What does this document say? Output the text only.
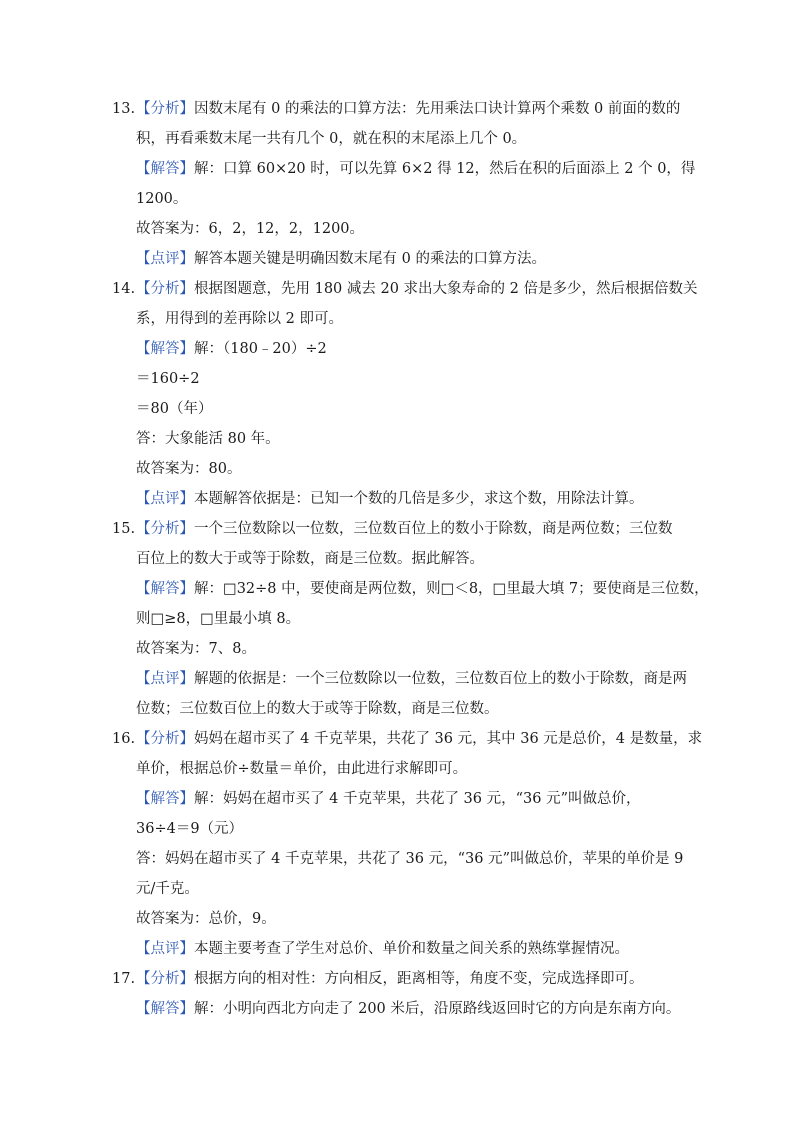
13.【分析】因数末尾有 0 的乘法的口算方法：先用乘法口诀计算两个乘数 0 前面的数的
积，再看乘数末尾一共有几个 0，就在积的末尾添上几个 0。
【解答】解：口算 60×20 时，可以先算 6×2 得 12，然后在积的后面添上 2 个 0，得
1200。
故答案为：6，2，12，2，1200。
【点评】解答本题关键是明确因数末尾有 0 的乘法的口算方法。
14.【分析】根据图题意，先用 180 减去 20 求出大象寿命的 2 倍是多少，然后根据倍数关
系，用得到的差再除以 2 即可。
【解答】解：（180﹣20）÷2
＝160÷2
＝80（年）
答：大象能活 80 年。
故答案为：80。
【点评】本题解答依据是：已知一个数的几倍是多少，求这个数，用除法计算。
15.【分析】一个三位数除以一位数，三位数百位上的数小于除数，商是两位数；三位数
百位上的数大于或等于除数，商是三位数。据此解答。
【解答】解：□32÷8 中，要使商是两位数，则□＜8，□里最大填 7；要使商是三位数，
则□≥8，□里最小填 8。
故答案为：7、8。
【点评】解题的依据是：一个三位数除以一位数，三位数百位上的数小于除数，商是两
位数；三位数百位上的数大于或等于除数，商是三位数。
16.【分析】妈妈在超市买了 4 千克苹果，共花了 36 元，其中 36 元是总价，4 是数量，求
单价，根据总价÷数量＝单价，由此进行求解即可。
【解答】解：妈妈在超市买了 4 千克苹果，共花了 36 元，“36 元”叫做总价，
36÷4＝9（元）
答：妈妈在超市买了 4 千克苹果，共花了 36 元，“36 元”叫做总价，苹果的单价是 9
元/千克。
故答案为：总价，9。
【点评】本题主要考查了学生对总价、单价和数量之间关系的熟练掌握情况。
17.【分析】根据方向的相对性：方向相反，距离相等，角度不变，完成选择即可。
【解答】解：小明向西北方向走了 200 米后，沿原路线返回时它的方向是东南方向。
